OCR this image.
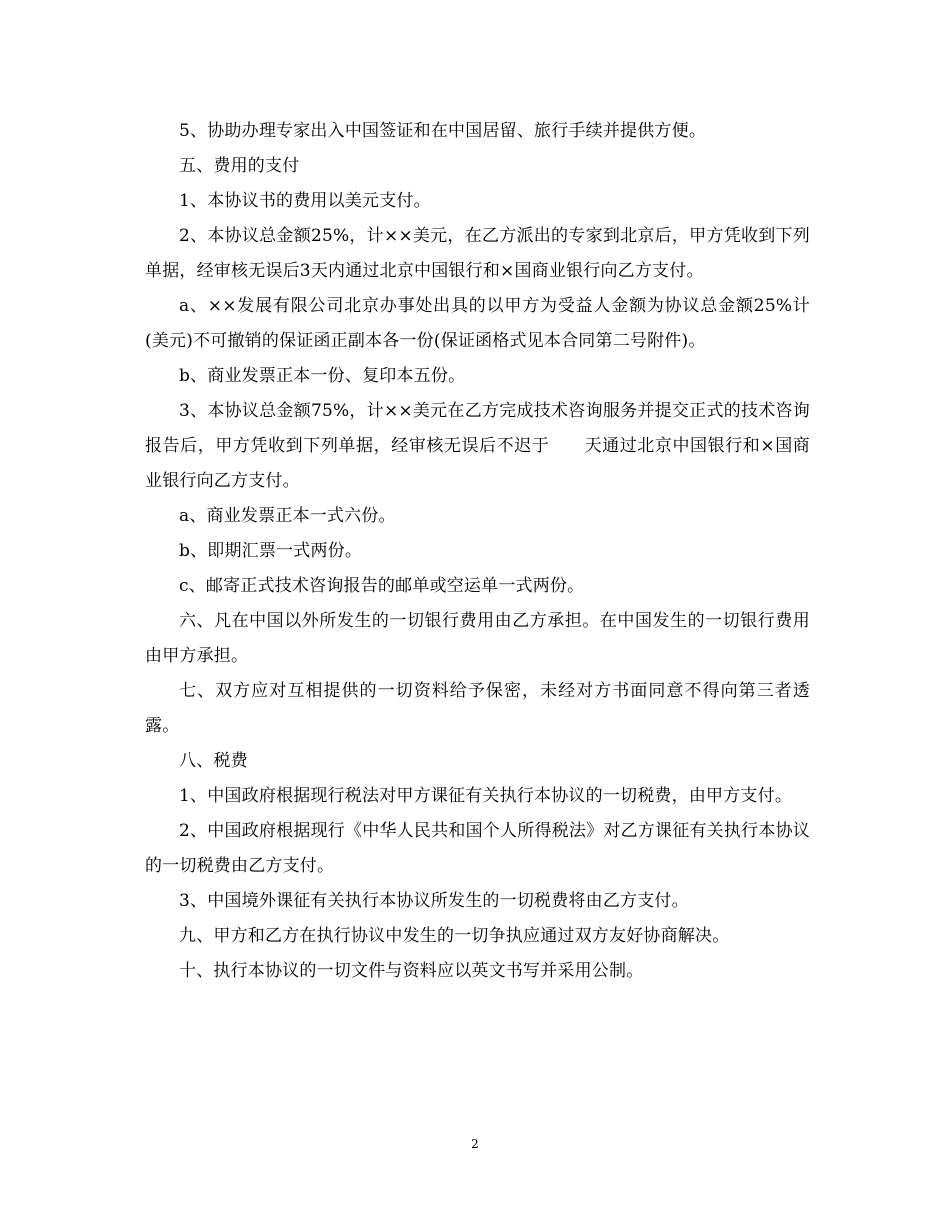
5、协助办理专家出入中国签证和在中国居留、旅行手续并提供方便。

五、费用的支付

1、本协议书的费用以美元支付。

2、本协议总金额25%，计××美元，在乙方派出的专家到北京后，甲方凭收到下列单据，经审核无误后3天内通过北京中国银行和×国商业银行向乙方支付。

a、××发展有限公司北京办事处出具的以甲方为受益人金额为协议总金额25%计(美元)不可撤销的保证函正副本各一份(保证函格式见本合同第二号附件)。

b、商业发票正本一份、复印本五份。

3、本协议总金额75%，计××美元在乙方完成技术咨询服务并提交正式的技术咨询报告后，甲方凭收到下列单据，经审核无误后不迟于　　天通过北京中国银行和×国商业银行向乙方支付。

a、商业发票正本一式六份。

b、即期汇票一式两份。

c、邮寄正式技术咨询报告的邮单或空运单一式两份。

六、凡在中国以外所发生的一切银行费用由乙方承担。在中国发生的一切银行费用由甲方承担。

七、双方应对互相提供的一切资料给予保密，未经对方书面同意不得向第三者透露。

八、税费

1、中国政府根据现行税法对甲方课征有关执行本协议的一切税费，由甲方支付。

2、中国政府根据现行《中华人民共和国个人所得税法》对乙方课征有关执行本协议的一切税费由乙方支付。

3、中国境外课征有关执行本协议所发生的一切税费将由乙方支付。

九、甲方和乙方在执行协议中发生的一切争执应通过双方友好协商解决。

十、执行本协议的一切文件与资料应以英文书写并采用公制。

2
